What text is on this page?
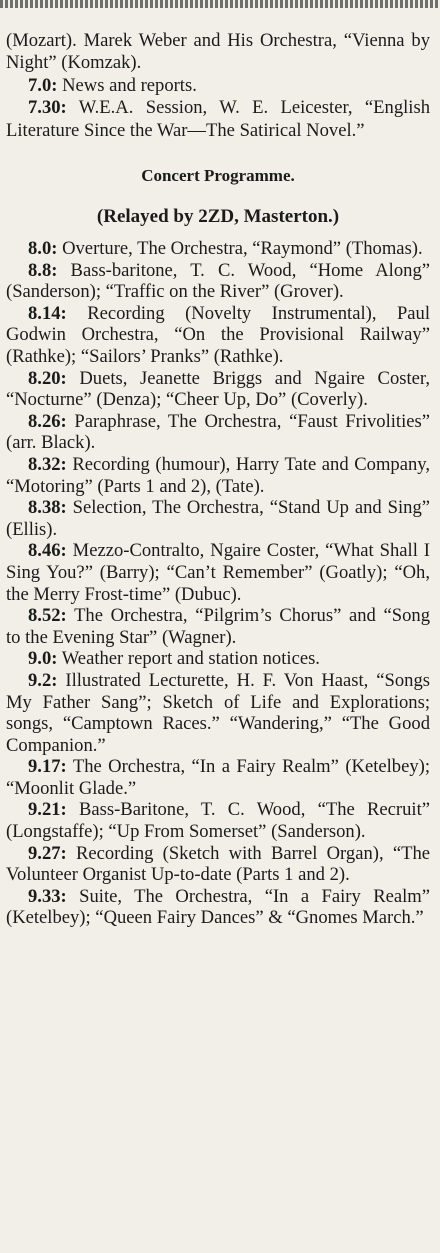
(Mozart). Marek Weber and His Orchestra, “Vienna by Night” (Komzak).

7.0: News and reports.

7.30: W.E.A. Session, W. E. Leicester, “English Literature Since the War—The Satirical Novel.”

Concert Programme.
(Relayed by 2ZD, Masterton.)

8.0: Overture, The Orchestra, “Raymond” (Thomas).

8.8: Bass-baritone, T. C. Wood, “Home Along” (Sanderson); “Traffic on the River” (Grover).

8.14: Recording (Novelty Instrumental), Paul Godwin Orchestra, “On the Provisional Railway” (Rathke); “Sailors’ Pranks” (Rathke).

8.20: Duets, Jeanette Briggs and Ngaire Coster, “Nocturne” (Denza); “Cheer Up, Do” (Coverly).

8.26: Paraphrase, The Orchestra, “Faust Frivolities” (arr. Black).

8.32: Recording (humour), Harry Tate and Company, “Motoring” (Parts 1 and 2), (Tate).

8.38: Selection, The Orchestra, “Stand Up and Sing” (Ellis).

8.46: Mezzo-Contralto, Ngaire Coster, “What Shall I Sing You?” (Barry); “Can’t Remember” (Goatly); “Oh, the Merry Frost-time” (Dubuc).

8.52: The Orchestra, “Pilgrim’s Chorus” and “Song to the Evening Star” (Wagner).

9.0: Weather report and station notices.

9.2: Illustrated Lecturette, H. F. Von Haast, “Songs My Father Sang”; Sketch of Life and Explorations; songs, “Camptown Races.” “Wandering,” “The Good Companion.”

9.17: The Orchestra, “In a Fairy Realm” (Ketelbey); “Moonlit Glade.”

9.21: Bass-Baritone, T. C. Wood, “The Recruit” (Longstaffe); “Up From Somerset” (Sanderson).

9.27: Recording (Sketch with Barrel Organ), “The Volunteer Organist Up-to-date (Parts 1 and 2).

9.33: Suite, The Orchestra, “In a Fairy Realm” (Ketelbey); “Queen Fairy Dances” & “Gnomes March.”
